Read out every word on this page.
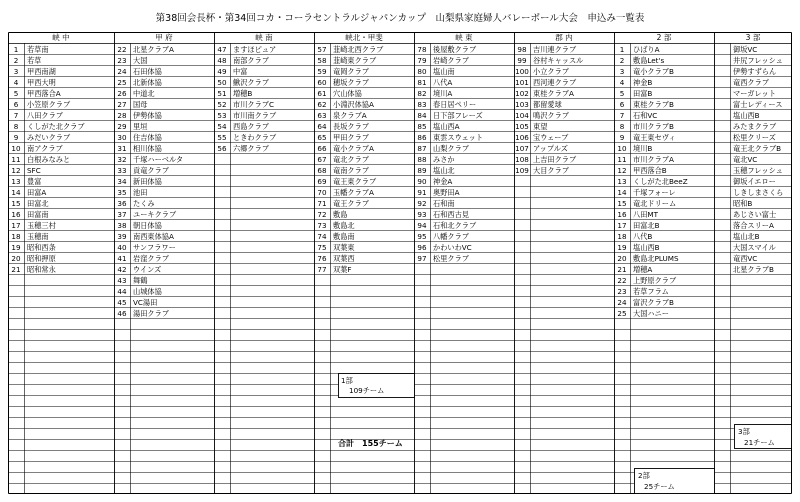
第38回会長杯・第34回コカ・コーラセントラルジャパンカップ　山梨県家庭婦人バレーボール大会　申込み一覧表
1部
109チーム
合計　155チーム
2部
25チーム
3部
21チーム
峡 中
1	若草南
2	若草
3	甲西南湖
4	甲西大明
5	甲西落合A
6	小笠原クラブ
7	八田クラブ
8	くしがた北クラブ
9	みだいクラブ
10 南アクラブ
11 白根みなみと
12 SFC
13 豊富
14 田富A
15 田富北
16 田富南
17 玉穂三村
18 玉穂南
19 昭和西条
20 昭和押原
21 昭和常永
甲 府
22 北星クラブA
23 大国
24 石田体協
25 北新体協
26 中道北
27 国母
28 伊勢体協
29 里垣
30 住吉体協
31 相川体協
32 千塚ハーベルタ
33 貢竜クラブ
34 新田体協
35 池田
36 たくみ
37 ユーキクラブ
38 朝日体協
39 南西東体協A
40 サンフラワー
41 岩窪クラブ
42 ウインズ
43 舞鶴
44 山城体協
45 VC湯田
46 湯田クラブ
峡 南
47 ますほピュア
48 南部クラブ
49 中富
50 鰍沢クラブ
51 増穂B
52 市川クラブC
53 市川南クラブ
54 西島クラブ
55 ときわクラブ
56 六郷クラブ
峡北・甲斐
57 韮崎北西クラブ
58 韮崎東クラブ
59 竜岡クラブ
60 穂坂クラブ
61 穴山体協
62 小淵沢体協A
63 泉クラブA
64 長坂クラブ
65 甲田クラブ
66 竜小クラブA
67 竜北クラブ
68 竜南クラブ
69 竜王東クラブ
70 玉幡クラブA
71 竜王クラブ
72 敷島
73 敷島北
74 敷島南
75 双葉東
76 双葉西
77 双葉F
峡 東
78 後屋敷クラブ
79 岩崎クラブ
80 塩山南
81 八代A
82 境川A
83 春日居ペリー
84 日下部フレーズ
85 塩山西A
86 東雲スウェット
87 山梨クラブ
88 みさか
89 塩山北
90 神金A
91 奥野田A
92 石和南
93 石和西古見
94 石和北クラブ
95 八幡クラブ
96 かわいわVC
97 松里クラブ
郡 内
98 吉川連クラブ
99 谷村キャッスル
100 小立クラブ
101 西河連クラブ
102 東桂クラブA
103 都留愛球
104 鳴沢クラブ
105 東望
106 宝ウェーブ
107 アップルズ
108 上吉田クラブ
109 大目クラブ
2 部
1	ひばりA
2	敷島Let's
3	竜小クラブB
4	神金B
5	田富B
6	東桂クラブB
7	石和VC
8	市川クラブB
9	竜王東セヴィ
10 境川B
11 市川クラブA
12 甲西落合B
13 くしがた北BeeZ
14 千塚フォーレ
15 竜北ドリーム
16 八田MT
17 田富北B
18 八代B
19 塩山西B
20 敷島北PLUMS
21 増穂A
22 上野原クラブ
23 若草フラム
24 富沢クラブB
25 大国ハニー
3 部
御坂VC
井尻フレッシュ
伊勢すずらん
竜西クラブ
マーガレット
富士レディース
塩山西B
みたまクラブ
松里クリーズ
竜王北クラブB
竜北VC
玉穂フレッシュ
御坂イエロー
しきしまさくら
昭和B
あじさい富士
落合スリーA
塩山北B
大国スマイル
竜西VC
北星クラブB
